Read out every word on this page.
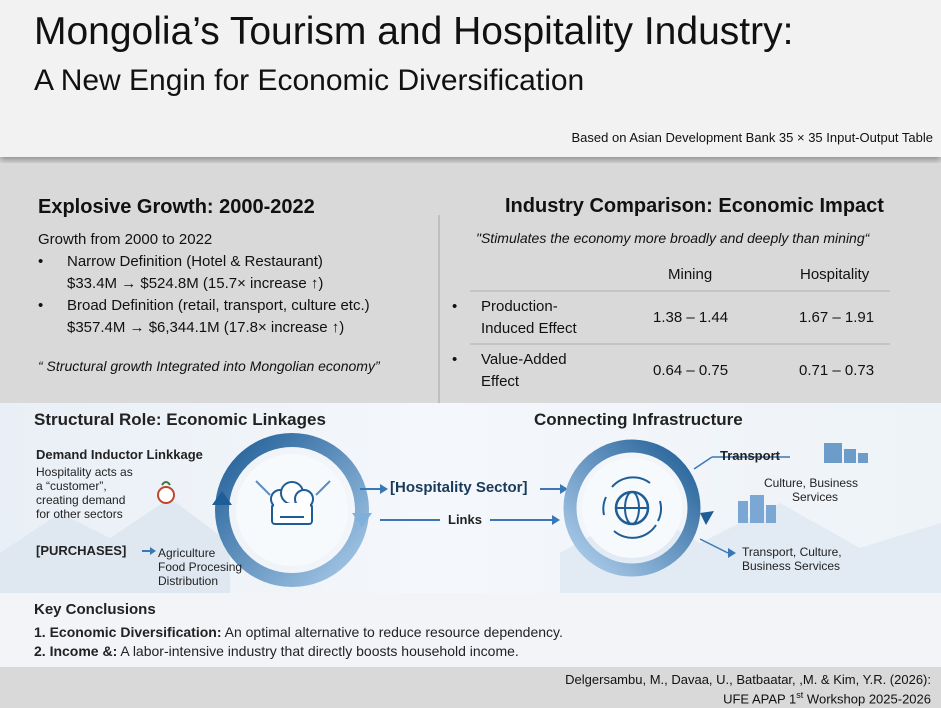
Mongolia’s Tourism and Hospitality Industry:
A New Engin for Economic Diversification
Based on Asian Development Bank 35 × 35 Input-Output Table
Explosive Growth: 2000-2022
Growth from 2000 to 2022
• Narrow Definition (Hotel & Restaurant)
$33.4M → $524.8M (15.7× increase ↑)
• Broad Definition (retail, transport, culture etc.)
$357.4M → $6,344.1M (17.8× increase ↑)
“ Structural growth Integrated into Mongolian economy”
Industry Comparison: Economic Impact
"Stimulates the economy more broadly and deeply than mining“
Mining	Hospitality
• Production-
Induced Effect
1.38 – 1.44	1.67 – 1.91
• Value-Added
Effect
0.64 – 0.75	0.71 – 0.73
Structural Role: Economic Linkages	Connecting Infrastructure
Demand Inductor Linkkage
Hospitality acts as
a “customer”,
creating demand
for other sectors
[PURCHASES]	Agriculture
Food Procesing
Distribution
[Hospitality Sector]
Links
Transport
Culture, Business
Services
Transport, Culture,
Business Services
Key Conclusions
1. Economic Diversification: An optimal alternative to reduce resource dependency.
2. Income &: A labor-intensive industry that directly boosts household income.
Delgersambu, M., Davaa, U., Batbaatar, ,M. & Kim, Y.R. (2026):
UFE APAP 1st Workshop 2025-2026
